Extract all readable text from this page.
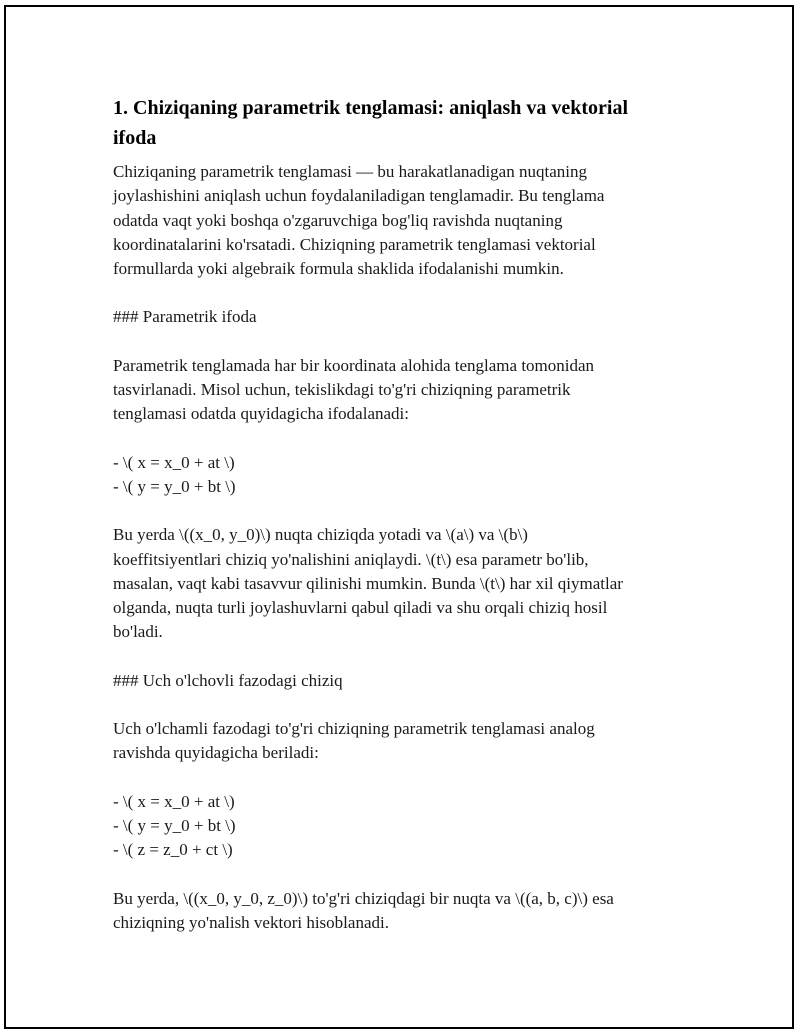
1. Chiziqaning parametrik tenglamasi: aniqlash va vektorial ifoda

Chiziqaning parametrik tenglamasi — bu harakatlanadigan nuqtaning
joylashishini aniqlash uchun foydalaniladigan tenglamadir. Bu tenglama
odatda vaqt yoki boshqa o'zgaruvchiga bog'liq ravishda nuqtaning
koordinatalarini ko'rsatadi. Chiziqning parametrik tenglamasi vektorial
formullarda yoki algebraik formula shaklida ifodalanishi mumkin.

### Parametrik ifoda

Parametrik tenglamada har bir koordinata alohida tenglama tomonidan
tasvirlanadi. Misol uchun, tekislikdagi to'g'ri chiziqning parametrik
tenglamasi odatda quyidagicha ifodalanadi:

- \( x = x_0 + at \)
- \( y = y_0 + bt \)

Bu yerda \((x_0, y_0)\) nuqta chiziqda yotadi va \(a\) va \(b\)
koeffitsiyentlari chiziq yo'nalishini aniqlaydi. \(t\) esa parametr bo'lib,
masalan, vaqt kabi tasavvur qilinishi mumkin. Bunda \(t\) har xil qiymatlar
olganda, nuqta turli joylashuvlarni qabul qiladi va shu orqali chiziq hosil
bo'ladi.

### Uch o'lchovli fazodagi chiziq

Uch o'lchamli fazodagi to'g'ri chiziqning parametrik tenglamasi analog
ravishda quyidagicha beriladi:

- \( x = x_0 + at \)
- \( y = y_0 + bt \)
- \( z = z_0 + ct \)

Bu yerda, \((x_0, y_0, z_0)\) to'g'ri chiziqdagi bir nuqta va \((a, b, c)\) esa
chiziqning yo'nalish vektori hisoblanadi.
